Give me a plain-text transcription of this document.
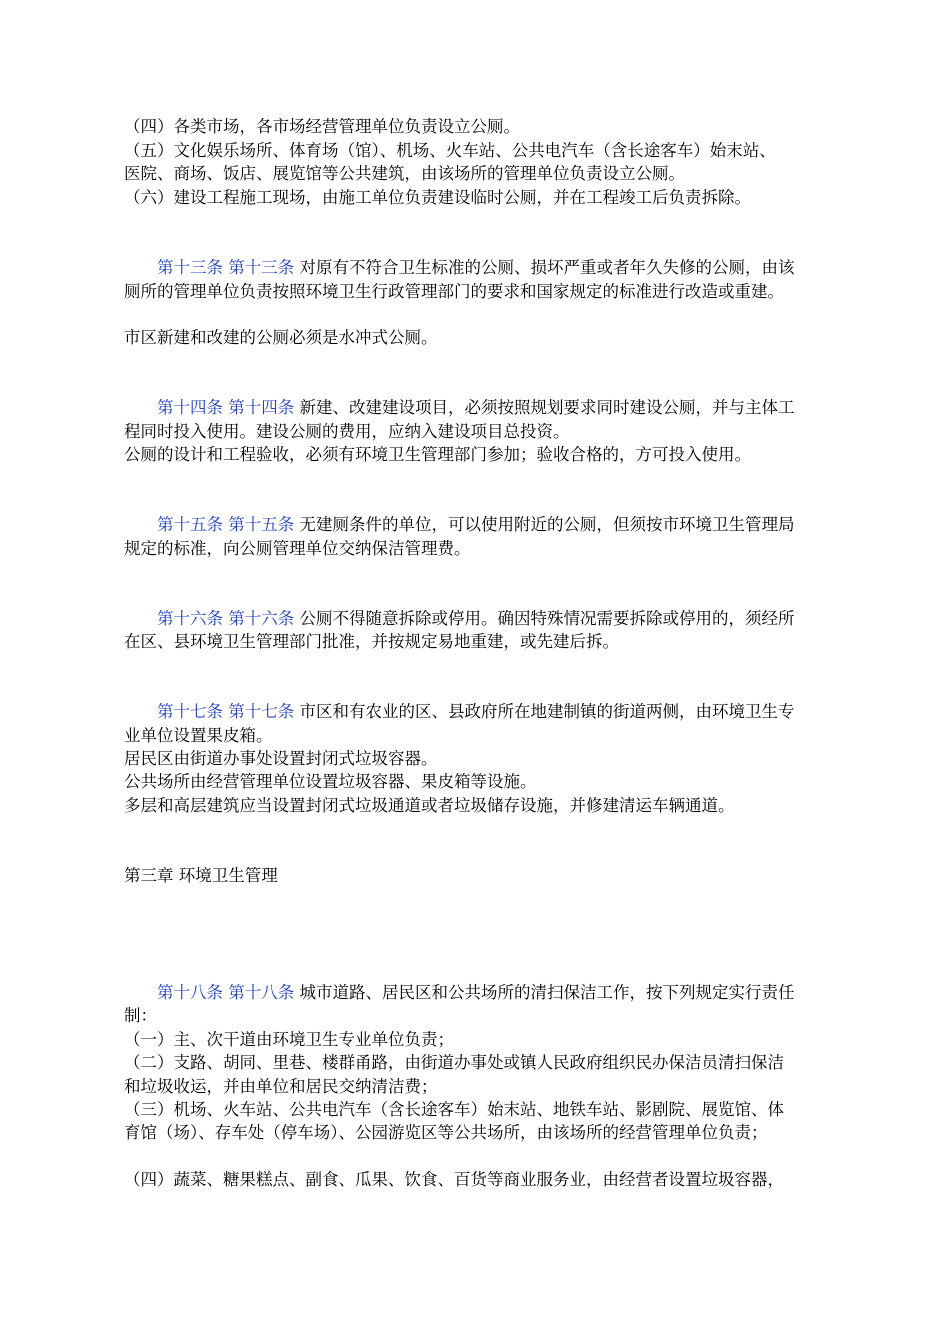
（四）各类市场，各市场经营管理单位负责设立公厕。
（五）文化娱乐场所、体育场（馆）、机场、火车站、公共电汽车（含长途客车）始末站、
医院、商场、饭店、展览馆等公共建筑，由该场所的管理单位负责设立公厕。
（六）建设工程施工现场，由施工单位负责建设临时公厕，并在工程竣工后负责拆除。
　　第十三条 第十三条 对原有不符合卫生标准的公厕、损坏严重或者年久失修的公厕，由该
厕所的管理单位负责按照环境卫生行政管理部门的要求和国家规定的标准进行改造或重建。
市区新建和改建的公厕必须是水冲式公厕。
　　第十四条 第十四条 新建、改建建设项目，必须按照规划要求同时建设公厕，并与主体工
程同时投入使用。建设公厕的费用，应纳入建设项目总投资。
公厕的设计和工程验收，必须有环境卫生管理部门参加；验收合格的，方可投入使用。
　　第十五条 第十五条 无建厕条件的单位，可以使用附近的公厕，但须按市环境卫生管理局
规定的标准，向公厕管理单位交纳保洁管理费。
　　第十六条 第十六条 公厕不得随意拆除或停用。确因特殊情况需要拆除或停用的，须经所
在区、县环境卫生管理部门批准，并按规定易地重建，或先建后拆。
　　第十七条 第十七条 市区和有农业的区、县政府所在地建制镇的街道两侧，由环境卫生专
业单位设置果皮箱。
居民区由街道办事处设置封闭式垃圾容器。
公共场所由经营管理单位设置垃圾容器、果皮箱等设施。
多层和高层建筑应当设置封闭式垃圾通道或者垃圾储存设施，并修建清运车辆通道。
第三章 环境卫生管理
　　第十八条 第十八条 城市道路、居民区和公共场所的清扫保洁工作，按下列规定实行责任
制：
（一）主、次干道由环境卫生专业单位负责；
（二）支路、胡同、里巷、楼群甬路，由街道办事处或镇人民政府组织民办保洁员清扫保洁
和垃圾收运，并由单位和居民交纳清洁费；
（三）机场、火车站、公共电汽车（含长途客车）始末站、地铁车站、影剧院、展览馆、体
育馆（场）、存车处（停车场）、公园游览区等公共场所，由该场所的经营管理单位负责；
（四）蔬菜、糖果糕点、副食、瓜果、饮食、百货等商业服务业，由经营者设置垃圾容器，
